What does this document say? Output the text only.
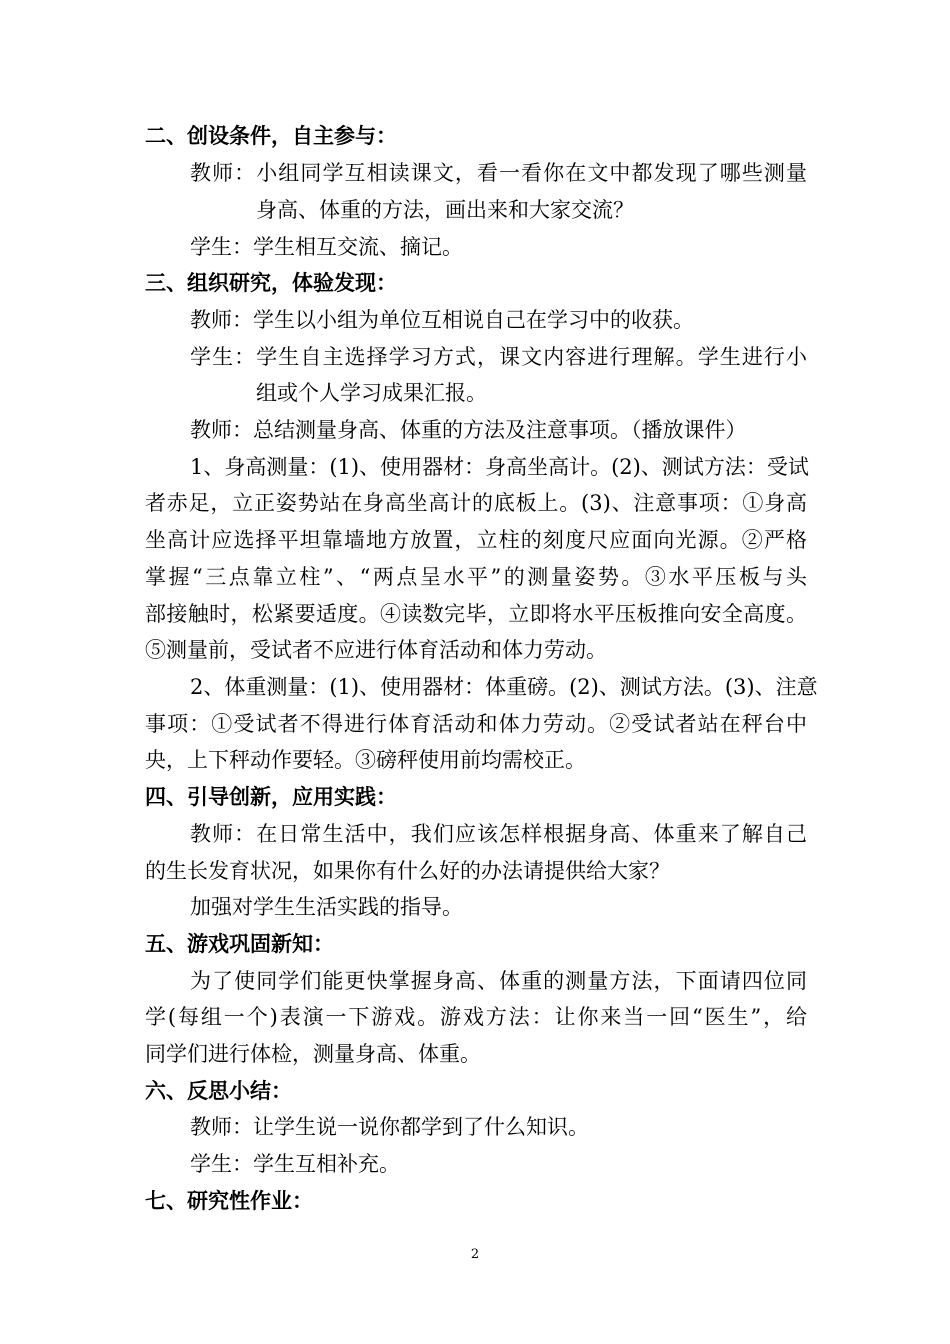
二、创设条件，自主参与：
教师：小组同学互相读课文，看一看你在文中都发现了哪些测量
身高、体重的方法，画出来和大家交流？
学生：学生相互交流、摘记。
三、组织研究，体验发现：
教师：学生以小组为单位互相说自己在学习中的收获。
学生：学生自主选择学习方式，课文内容进行理解。学生进行小
组或个人学习成果汇报。
教师：总结测量身高、体重的方法及注意事项。（播放课件）
1、身高测量：(1)、使用器材：身高坐高计。(2)、测试方法：受试
者赤足，立正姿势站在身高坐高计的底板上。(3)、注意事项：①身高
坐高计应选择平坦靠墙地方放置，立柱的刻度尺应面向光源。②严格
掌握“三点靠立柱”、“两点呈水平”的测量姿势。③水平压板与头
部接触时，松紧要适度。④读数完毕，立即将水平压板推向安全高度。
⑤测量前，受试者不应进行体育活动和体力劳动。
2、体重测量：(1)、使用器材：体重磅。(2)、测试方法。(3)、注意
事项：①受试者不得进行体育活动和体力劳动。②受试者站在秤台中
央，上下秤动作要轻。③磅秤使用前均需校正。
四、引导创新，应用实践：
教师：在日常生活中，我们应该怎样根据身高、体重来了解自己
的生长发育状况，如果你有什么好的办法请提供给大家？
加强对学生生活实践的指导。
五、游戏巩固新知：
为了使同学们能更快掌握身高、体重的测量方法，下面请四位同
学(每组一个)表演一下游戏。游戏方法：让你来当一回“医生”，给
同学们进行体检，测量身高、体重。
六、反思小结：
教师：让学生说一说你都学到了什么知识。
学生：学生互相补充。
七、研究性作业：
2
